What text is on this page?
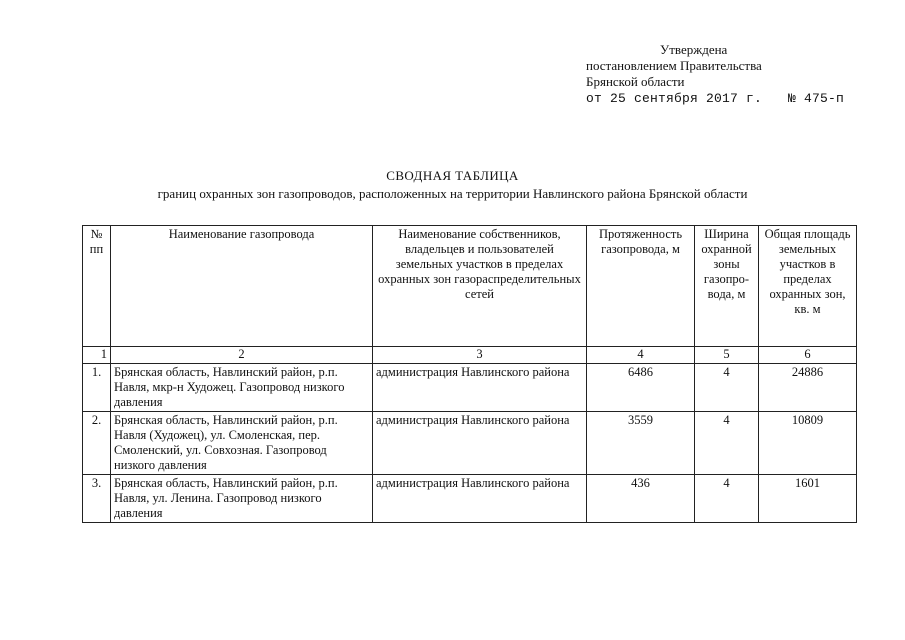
Утверждена
постановлением Правительства
Брянской области
от 25 сентября 2017 г. № 475-п
СВОДНАЯ ТАБЛИЦА
границ охранных зон газопроводов, расположенных на территории Навлинского района Брянской области
№ пп	Наименование газопровода	Наименование собственников, владельцев и пользователей земельных участков в пределах охранных зон газораспределительных сетей	Протяженность газопровода, м	Ширина охранной зоны газопро-вода, м	Общая площадь земельных участков в пределах охранных зон, кв. м
1	2	3	4	5	6
1.	Брянская область, Навлинский район, р.п. Навля, мкр-н Художец. Газопровод низкого давления	администрация Навлинского района	6486	4	24886
2.	Брянская область, Навлинский район, р.п. Навля (Художец), ул. Смоленская, пер. Смоленский, ул. Совхозная. Газопровод низкого давления	администрация Навлинского района	3559	4	10809
3.	Брянская область, Навлинский район, р.п. Навля, ул. Ленина. Газопровод низкого давления	администрация Навлинского района	436	4	1601
